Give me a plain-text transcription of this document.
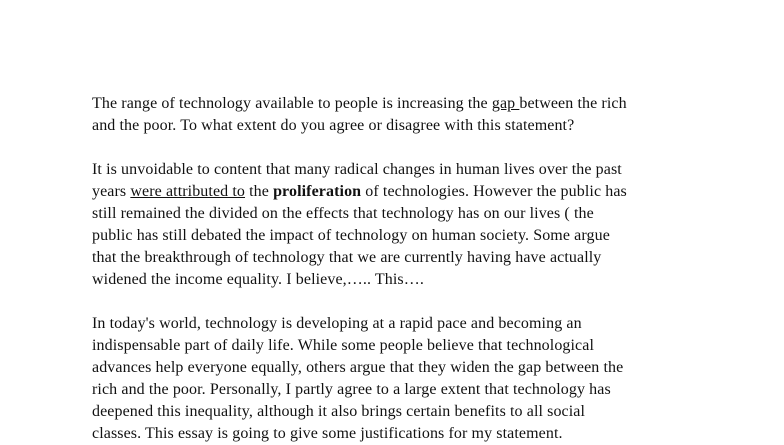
The range of technology available to people is increasing the gap between the rich
and the poor. To what extent do you agree or disagree with this statement?

It is unvoidable to content that many radical changes in human lives over the past
years were attributed to the proliferation of technologies. However the public has
still remained the divided on the effects that technology has on our lives ( the
public has still debated the impact of technology on human society. Some argue
that the breakthrough of technology that we are currently having have actually
widened the income equality. I believe,….. This….

In today's world, technology is developing at a rapid pace and becoming an
indispensable part of daily life. While some people believe that technological
advances help everyone equally, others argue that they widen the gap between the
rich and the poor. Personally, I partly agree to a large extent that technology has
deepened this inequality, although it also brings certain benefits to all social
classes. This essay is going to give some justifications for my statement.
